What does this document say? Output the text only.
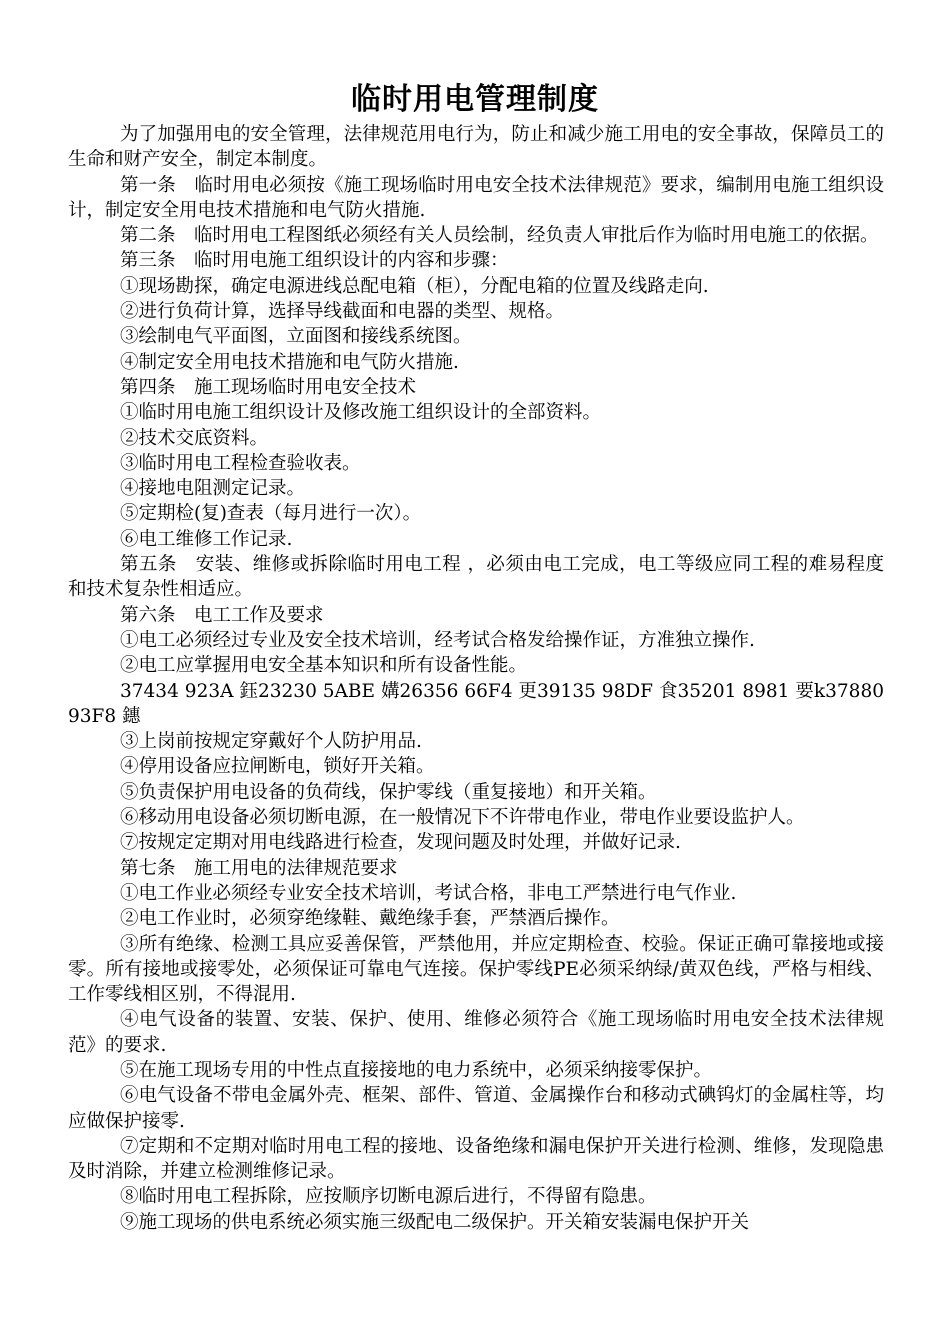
临时用电管理制度

为了加强用电的安全管理，法律规范用电行为，防止和减少施工用电的安全事故，保障员工的生命和财产安全，制定本制度。

第一条　临时用电必须按《施工现场临时用电安全技术法律规范》要求，编制用电施工组织设计，制定安全用电技术措施和电气防火措施.

第二条　临时用电工程图纸必须经有关人员绘制，经负责人审批后作为临时用电施工的依据。

第三条　临时用电施工组织设计的内容和步骤：

①现场勘探，确定电源进线总配电箱（柜），分配电箱的位置及线路走向.

②进行负荷计算，选择导线截面和电器的类型、规格。

③绘制电气平面图，立面图和接线系统图。

④制定安全用电技术措施和电气防火措施.

第四条　施工现场临时用电安全技术

①临时用电施工组织设计及修改施工组织设计的全部资料。

②技术交底资料。

③临时用电工程检查验收表。

④接地电阻测定记录。

⑤定期检(复)查表（每月进行一次）。

⑥电工维修工作记录.

第五条　安装、维修或拆除临时用电工程 ，必须由电工完成，电工等级应同工程的难易程度和技术复杂性相适应。

第六条　电工工作及要求

①电工必须经过专业及安全技术培训，经考试合格发给操作证，方准独立操作.

②电工应掌握用电安全基本知识和所有设备性能。

37434 923A 鈺23230 5ABE 媾26356 66F4 更39135 98DF 食35201 8981 要k37880 93F8 鏸

③上岗前按规定穿戴好个人防护用品.

④停用设备应拉闸断电，锁好开关箱。

⑤负责保护用电设备的负荷线，保护零线（重复接地）和开关箱。

⑥移动用电设备必须切断电源，在一般情况下不许带电作业，带电作业要设监护人。

⑦按规定定期对用电线路进行检查，发现问题及时处理，并做好记录.

第七条　施工用电的法律规范要求

①电工作业必须经专业安全技术培训，考试合格，非电工严禁进行电气作业.

②电工作业时，必须穿绝缘鞋、戴绝缘手套，严禁酒后操作。

③所有绝缘、检测工具应妥善保管，严禁他用，并应定期检查、校验。保证正确可靠接地或接零。所有接地或接零处，必须保证可靠电气连接。保护零线PE必须采纳绿/黄双色线，严格与相线、工作零线相区别，不得混用.

④电气设备的装置、安装、保护、使用、维修必须符合《施工现场临时用电安全技术法律规范》的要求.

⑤在施工现场专用的中性点直接接地的电力系统中，必须采纳接零保护。

⑥电气设备不带电金属外壳、框架、部件、管道、金属操作台和移动式碘钨灯的金属柱等，均应做保护接零.

⑦定期和不定期对临时用电工程的接地、设备绝缘和漏电保护开关进行检测、维修，发现隐患及时消除，并建立检测维修记录。

⑧临时用电工程拆除，应按顺序切断电源后进行，不得留有隐患。

⑨施工现场的供电系统必须实施三级配电二级保护。开关箱安装漏电保护开关
